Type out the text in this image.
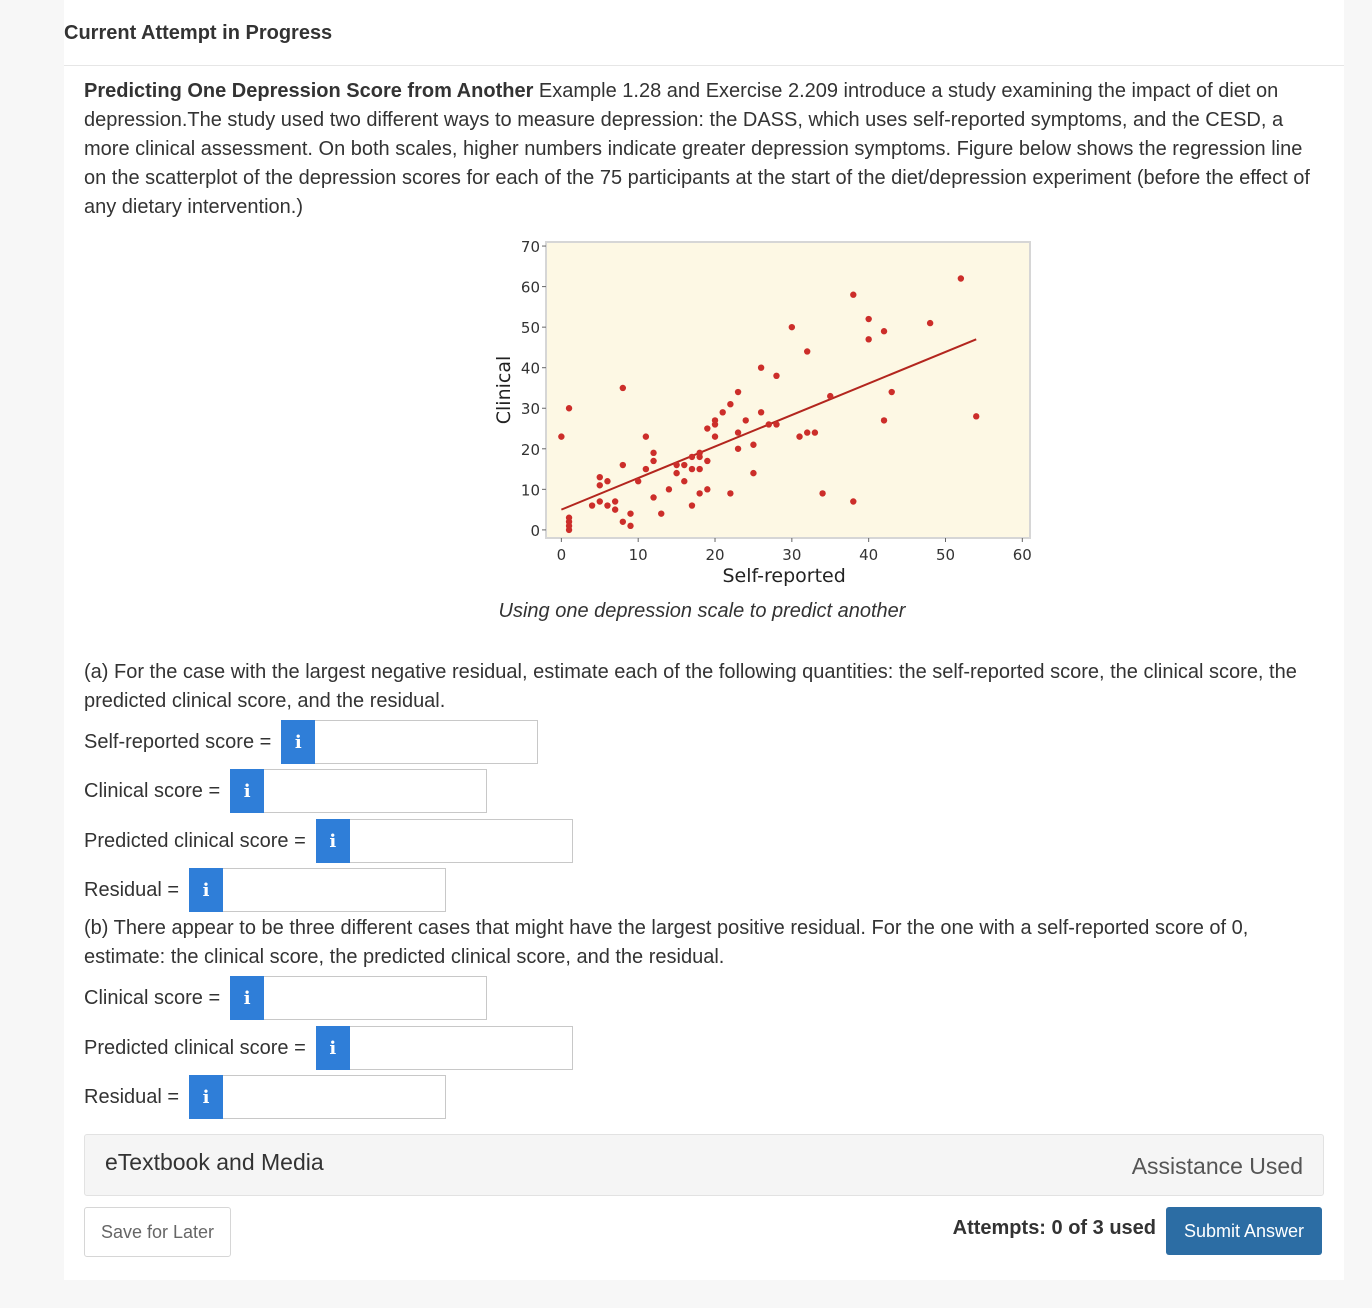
Current Attempt in Progress
Predicting One Depression Score from Another Example 1.28 and Exercise 2.209 introduce a study examining the impact of diet on depression.The study used two different ways to measure depression: the DASS, which uses self-reported symptoms, and the CESD, a more clinical assessment. On both scales, higher numbers indicate greater depression symptoms. Figure below shows the regression line on the scatterplot of the depression scores for each of the 75 participants at the start of the diet/depression experiment (before the effect of any dietary intervention.)
0
10
20
30
40
50
60
70
0	10	20	30	40	50	60
Self-reported
Clinical
Using one depression scale to predict another
(a) For the case with the largest negative residual, estimate each of the following quantities: the self-reported score, the clinical score, the predicted clinical score, and the residual.
Self-reported score =	i
Clinical score =	i
Predicted clinical score =	i
Residual =	i
(b) There appear to be three different cases that might have the largest positive residual. For the one with a self-reported score of 0, estimate: the clinical score, the predicted clinical score, and the residual.
Clinical score =	i
Predicted clinical score =	i
Residual =	i
eTextbook and Media	Assistance Used
Save for Later	Attempts: 0 of 3 used	Submit Answer
